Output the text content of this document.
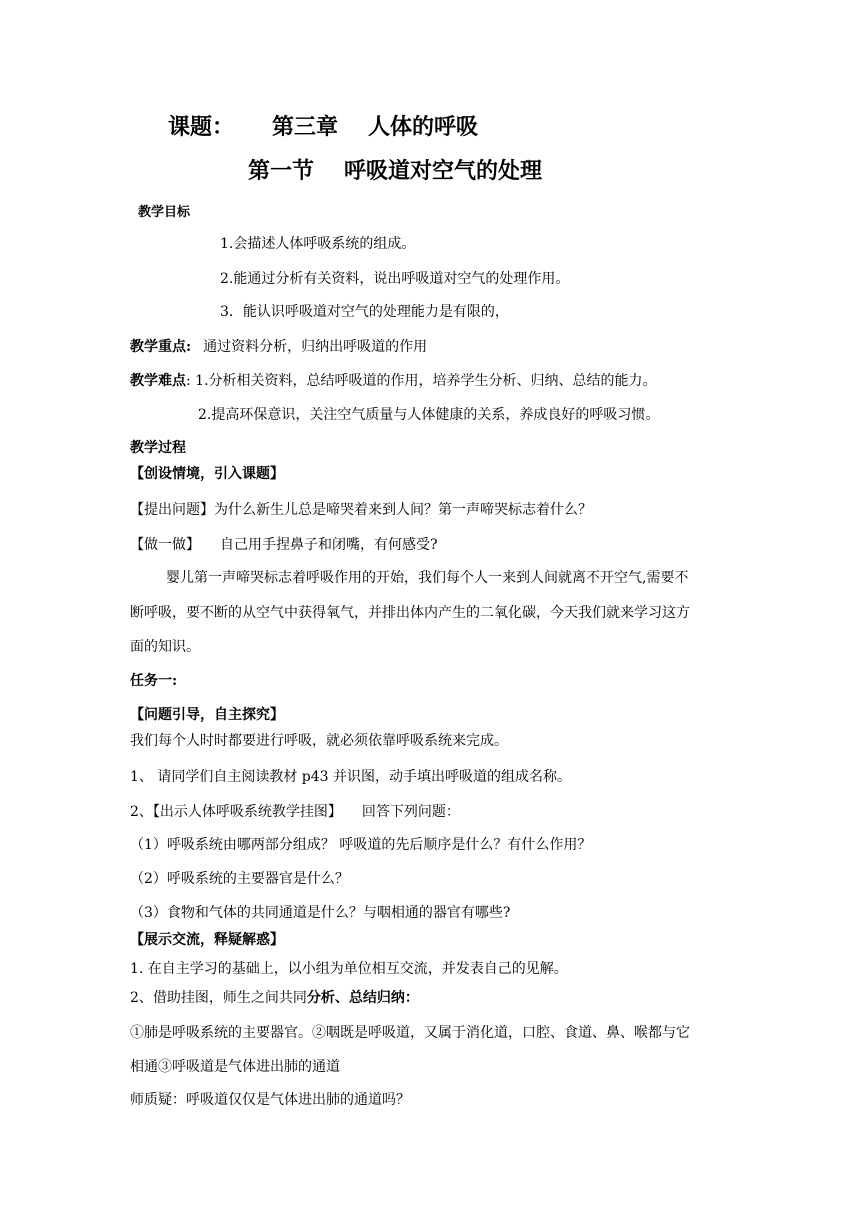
课题： 第三章 人体的呼吸
第一节 呼吸道对空气的处理
教学目标
1.会描述人体呼吸系统的组成。
2.能通过分析有关资料，说出呼吸道对空气的处理作用。
3．能认识呼吸道对空气的处理能力是有限的，
教学重点: 通过资料分析，归纳出呼吸道的作用
教学难点: 1.分析相关资料，总结呼吸道的作用，培养学生分析、归纳、总结的能力。
2.提高环保意识，关注空气质量与人体健康的关系，养成良好的呼吸习惯。
教学过程
【创设情境，引入课题】
【提出问题】为什么新生儿总是啼哭着来到人间？第一声啼哭标志着什么？
【做一做】 自己用手捏鼻子和闭嘴，有何感受?
婴儿第一声啼哭标志着呼吸作用的开始，我们每个人一来到人间就离不开空气,需要不
断呼吸，要不断的从空气中获得氧气，并排出体内产生的二氧化碳，今天我们就来学习这方
面的知识。
任务一:
【问题引导，自主探究】
我们每个人时时都要进行呼吸，就必须依靠呼吸系统来完成。
1、 请同学们自主阅读教材 p43 并识图，动手填出呼吸道的组成名称。
2、【出示人体呼吸系统教学挂图】 回答下列问题：
（1）呼吸系统由哪两部分组成？ 呼吸道的先后顺序是什么？有什么作用？
（2）呼吸系统的主要器官是什么？
（3）食物和气体的共同通道是什么？与咽相通的器官有哪些?
【展示交流，释疑解惑】
1. 在自主学习的基础上，以小组为单位相互交流，并发表自己的见解。
2、借助挂图，师生之间共同分析、总结归纳：
①肺是呼吸系统的主要器官。②咽既是呼吸道，又属于消化道，口腔、食道、鼻、喉都与它
相通③呼吸道是气体进出肺的通道
师质疑：呼吸道仅仅是气体进出肺的通道吗？
